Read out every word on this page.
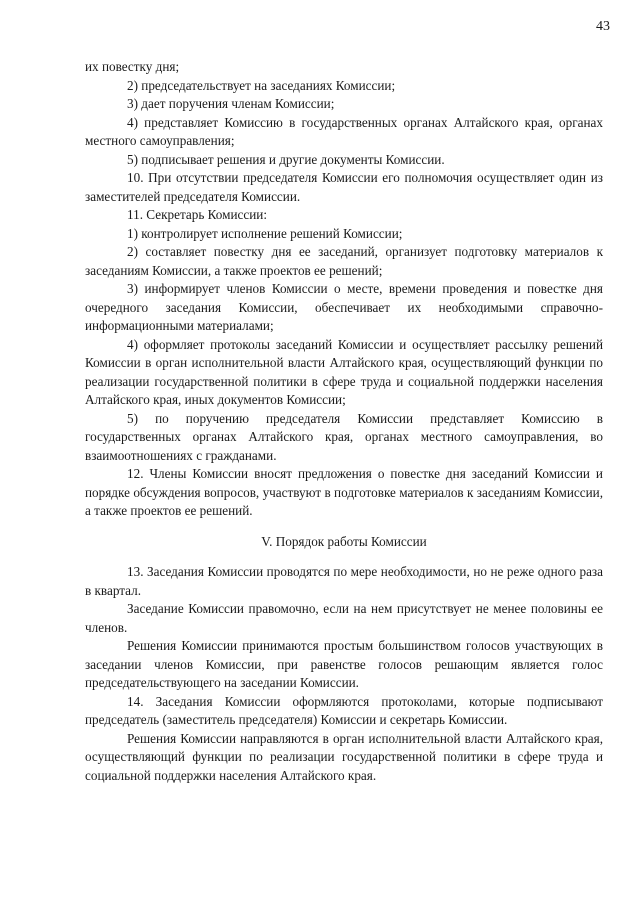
43

их повестку дня;

2) председательствует на заседаниях Комиссии;

3) дает поручения членам Комиссии;

4) представляет Комиссию в государственных органах Алтайского края, органах местного самоуправления;

5) подписывает решения и другие документы Комиссии.

10. При отсутствии председателя Комиссии его полномочия осуществляет один из заместителей председателя Комиссии.

11. Секретарь Комиссии:

1) контролирует исполнение решений Комиссии;

2) составляет повестку дня ее заседаний, организует подготовку материалов к заседаниям Комиссии, а также проектов ее решений;

3) информирует членов Комиссии о месте, времени проведения и повестке дня очередного заседания Комиссии, обеспечивает их необходимыми справочно-информационными материалами;

4) оформляет протоколы заседаний Комиссии и осуществляет рассылку решений Комиссии в орган исполнительной власти Алтайского края, осуществляющий функции по реализации государственной политики в сфере труда и социальной поддержки населения Алтайского края, иных документов Комиссии;

5) по поручению председателя Комиссии представляет Комиссию в государственных органах Алтайского края, органах местного самоуправления, во взаимоотношениях с гражданами.

12. Члены Комиссии вносят предложения о повестке дня заседаний Комиссии и порядке обсуждения вопросов, участвуют в подготовке материалов к заседаниям Комиссии, а также проектов ее решений.

V. Порядок работы Комиссии

13. Заседания Комиссии проводятся по мере необходимости, но не реже одного раза в квартал.

Заседание Комиссии правомочно, если на нем присутствует не менее половины ее членов.

Решения Комиссии принимаются простым большинством голосов участвующих в заседании членов Комиссии, при равенстве голосов решающим является голос председательствующего на заседании Комиссии.

14. Заседания Комиссии оформляются протоколами, которые подписывают председатель (заместитель председателя) Комиссии и секретарь Комиссии.

Решения Комиссии направляются в орган исполнительной власти Алтайского края, осуществляющий функции по реализации государственной политики в сфере труда и социальной поддержки населения Алтайского края.
